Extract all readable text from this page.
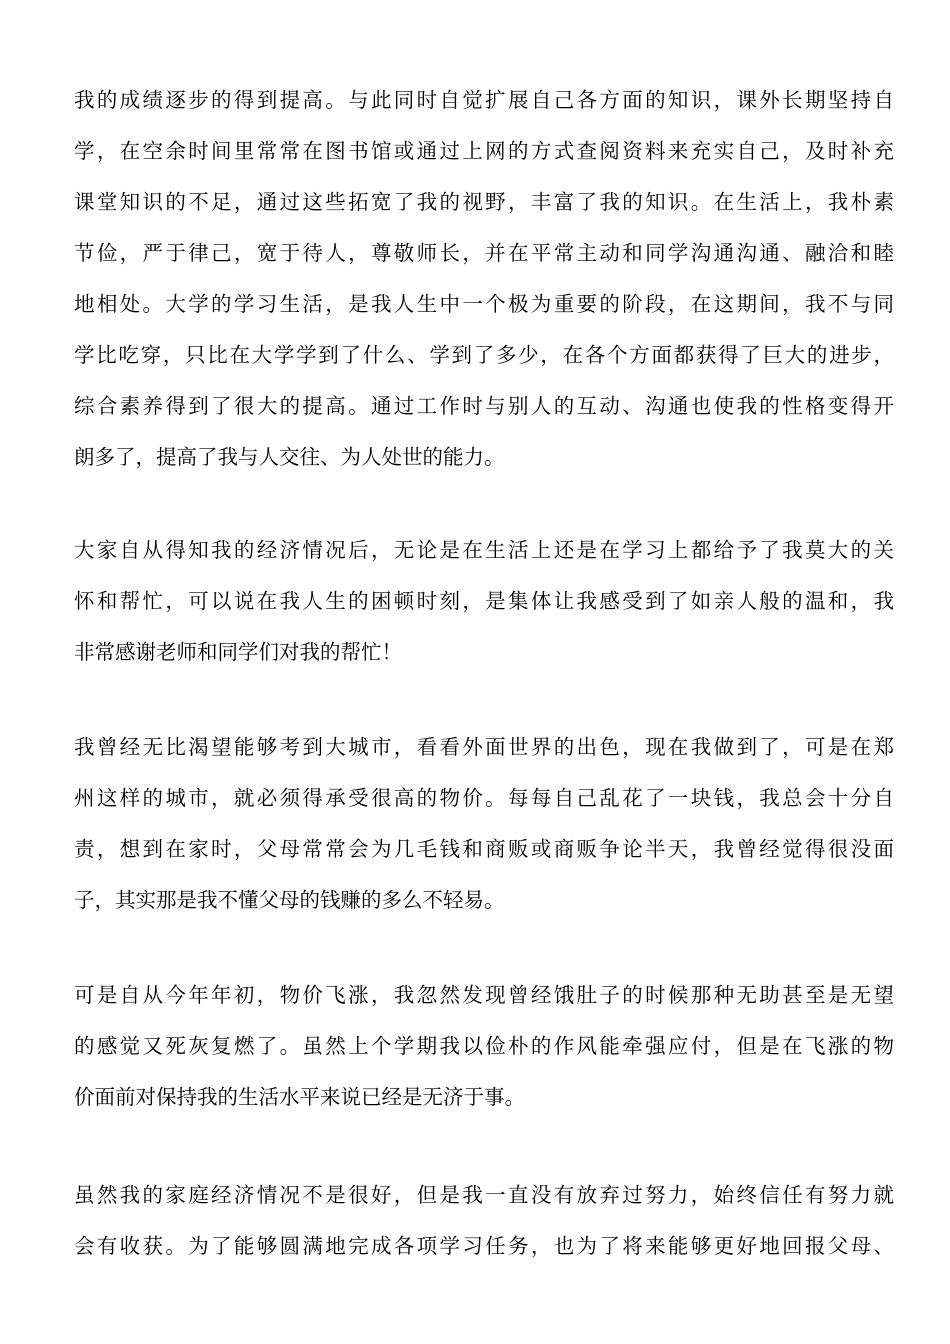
我的成绩逐步的得到提高。与此同时自觉扩展自己各方面的知识，课外长期坚持自
学，在空余时间里常常在图书馆或通过上网的方式查阅资料来充实自己，及时补充
课堂知识的不足，通过这些拓宽了我的视野，丰富了我的知识。在生活上，我朴素
节俭，严于律己，宽于待人，尊敬师长，并在平常主动和同学沟通沟通、融洽和睦
地相处。大学的学习生活，是我人生中一个极为重要的阶段，在这期间，我不与同
学比吃穿，只比在大学学到了什么、学到了多少，在各个方面都获得了巨大的进步，
综合素养得到了很大的提高。通过工作时与别人的互动、沟通也使我的性格变得开
朗多了，提高了我与人交往、为人处世的能力。
大家自从得知我的经济情况后，无论是在生活上还是在学习上都给予了我莫大的关
怀和帮忙，可以说在我人生的困顿时刻，是集体让我感受到了如亲人般的温和，我
非常感谢老师和同学们对我的帮忙！
我曾经无比渴望能够考到大城市，看看外面世界的出色，现在我做到了，可是在郑
州这样的城市，就必须得承受很高的物价。每每自己乱花了一块钱，我总会十分自
责，想到在家时，父母常常会为几毛钱和商贩或商贩争论半天，我曾经觉得很没面
子，其实那是我不懂父母的钱赚的多么不轻易。
可是自从今年年初，物价飞涨，我忽然发现曾经饿肚子的时候那种无助甚至是无望
的感觉又死灰复燃了。虽然上个学期我以俭朴的作风能牵强应付，但是在飞涨的物
价面前对保持我的生活水平来说已经是无济于事。
虽然我的家庭经济情况不是很好，但是我一直没有放弃过努力，始终信任有努力就
会有收获。为了能够圆满地完成各项学习任务，也为了将来能够更好地回报父母、
